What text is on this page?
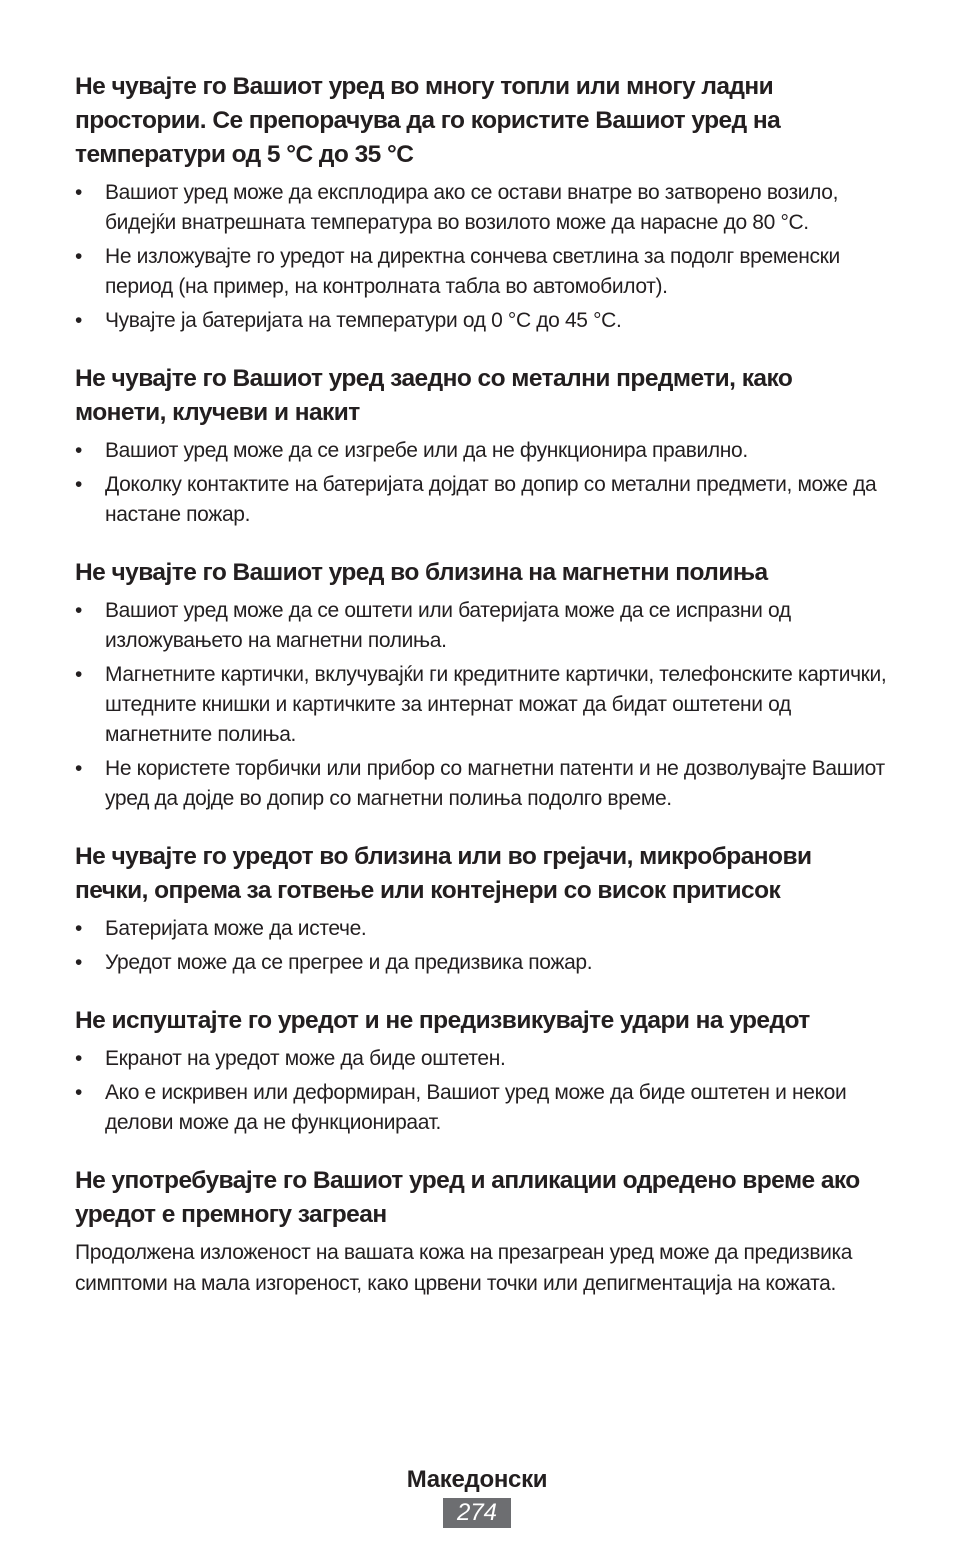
Не чувајте го Вашиот уред во многу топли или многу ладни простории. Се препорачува да го користите Вашиот уред на температури од 5 °C до 35 °C
• Вашиот уред може да експлодира ако се остави внатре во затворено возило, бидејќи внатрешната температура во возилото може да нарасне до 80 °C.
• Не изложувајте го уредот на директна сончева светлина за подолг временски период (на пример, на контролната табла во автомобилот).
• Чувајте ја батеријата на температури од 0 °C до 45 °C.
Не чувајте го Вашиот уред заедно со метални предмети, како монети, клучеви и накит
• Вашиот уред може да се изгребе или да не функционира правилно.
• Доколку контактите на батеријата дојдат во допир со метални предмети, може да настане пожар.
Не чувајте го Вашиот уред во близина на магнетни полиња
• Вашиот уред може да се оштети или батеријата може да се испразни од изложувањето на магнетни полиња.
• Магнетните картички, вклучувајќи ги кредитните картички, телефонските картички, штедните книшки и картичките за интернат можат да бидат оштетени од магнетните полиња.
• Не користете торбички или прибор со магнетни патенти и не дозволувајте Вашиот уред да дојде во допир со магнетни полиња подолго време.
Не чувајте го уредот во близина или во грејачи, микробранови печки, опрема за готвење или контејнери со висок притисок
• Батеријата може да истече.
• Уредот може да се прегрее и да предизвика пожар.
Не испуштајте го уредот и не предизвикувајте удари на уредот
• Екранот на уредот може да биде оштетен.
• Ако е искривен или деформиран, Вашиот уред може да биде оштетен и некои делови може да не функционираат.
Не употребувајте го Вашиот уред и апликации одредено време ако уредот е премногу загреан

Продолжена изложеност на вашата кожа на презагреан уред може да предизвика симптоми на мала изгореност, како црвени точки или депигментација на кожата.

Македонски
274
